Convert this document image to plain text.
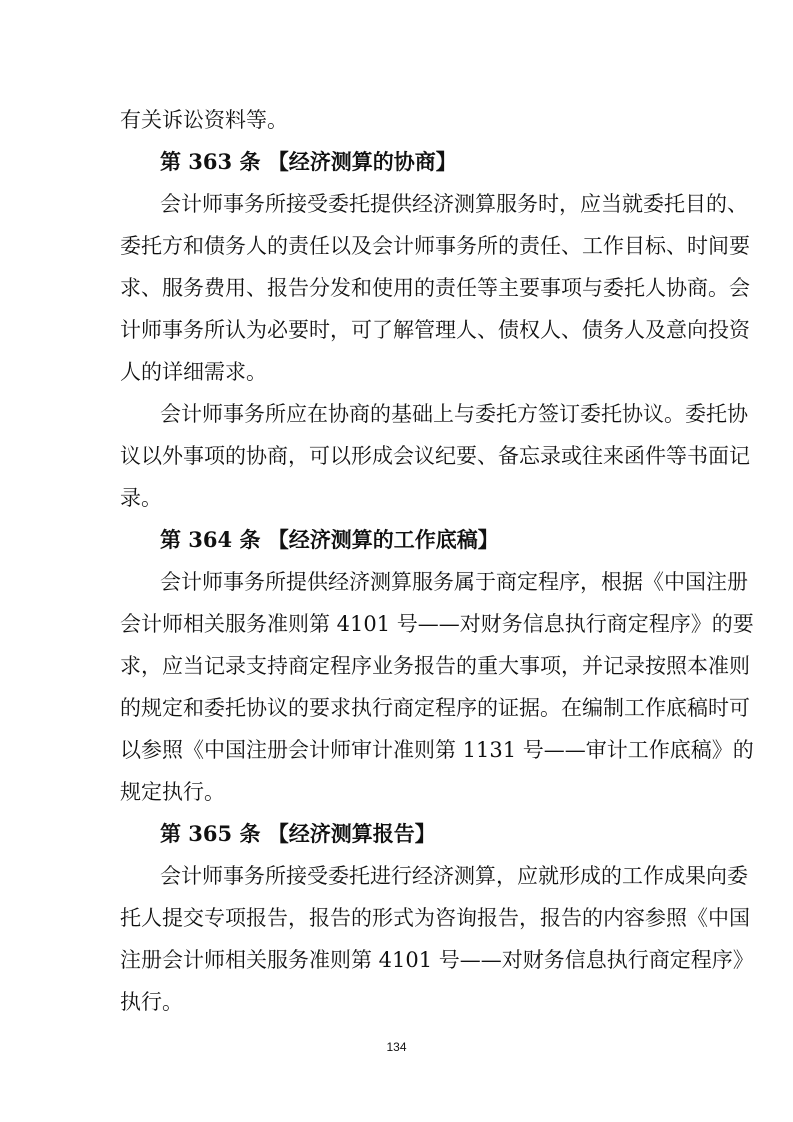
有关诉讼资料等。
第 363 条 【经济测算的协商】
会计师事务所接受委托提供经济测算服务时，应当就委托目的、
委托方和债务人的责任以及会计师事务所的责任、工作目标、时间要
求、服务费用、报告分发和使用的责任等主要事项与委托人协商。会
计师事务所认为必要时，可了解管理人、债权人、债务人及意向投资
人的详细需求。
会计师事务所应在协商的基础上与委托方签订委托协议。委托协
议以外事项的协商，可以形成会议纪要、备忘录或往来函件等书面记
录。
第 364 条 【经济测算的工作底稿】
会计师事务所提供经济测算服务属于商定程序，根据《中国注册
会计师相关服务准则第 4101 号——对财务信息执行商定程序》的要
求，应当记录支持商定程序业务报告的重大事项，并记录按照本准则
的规定和委托协议的要求执行商定程序的证据。在编制工作底稿时可
以参照《中国注册会计师审计准则第 1131 号——审计工作底稿》的
规定执行。
第 365 条 【经济测算报告】
会计师事务所接受委托进行经济测算，应就形成的工作成果向委
托人提交专项报告，报告的形式为咨询报告，报告的内容参照《中国
注册会计师相关服务准则第 4101 号——对财务信息执行商定程序》
执行。
134
